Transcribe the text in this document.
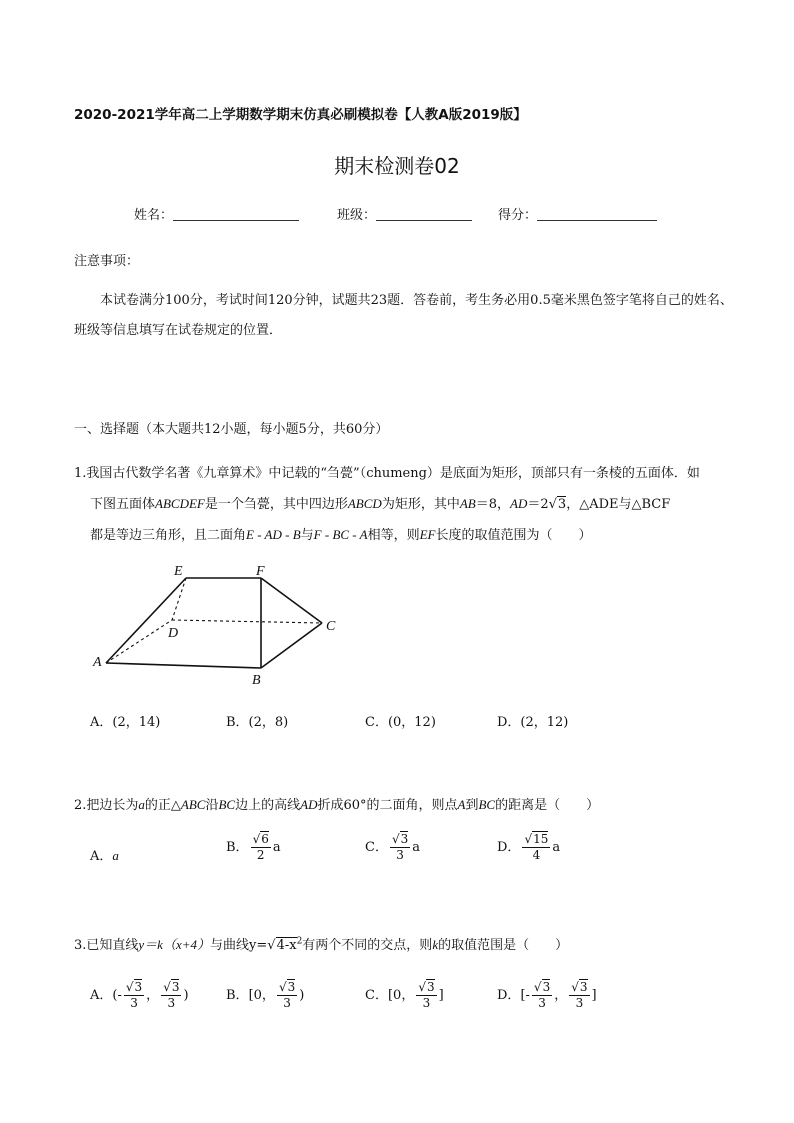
2020-2021学年高二上学期数学期末仿真必刷模拟卷【人教A版2019版】
期末检测卷02
姓名：	班级：	得分：
注意事项：
本试卷满分100分，考试时间120分钟，试题共23题．答卷前，考生务必用0.5毫米黑色签字笔将自己的姓名、班级等信息填写在试卷规定的位置．
一、选择题（本大题共12小题，每小题5分，共60分）
1.我国古代数学名著《九章算术》中记载的“刍甍”（chumeng）是底面为矩形，顶部只有一条棱的五面体．如
下图五面体ABCDEF是一个刍甍，其中四边形ABCD为矩形，其中AB＝8，AD＝2√3，△ADE与△BCF
都是等边三角形，且二面角E - AD - B与F - BC - A相等，则EF长度的取值范围为（　　）
E	F
D	C
A
B
A．(2，14)	B．(2，8)	C．(0，12)	D．(2，12)
2.把边长为a的正△ABC沿BC边上的高线AD折成60°的二面角，则点A到BC的距离是（　　）
A．a
B． $\frac{√6}{2}$ a	C． $\frac{√3}{3}$ a	D． $\frac{√15}{4}$ a
3.已知直线y＝k（x+4）与曲线$y=√4-x^2$有两个不同的交点，则k的取值范围是（　　）
A．(- $\frac{√3}{3}$ ， $\frac{√3}{3}$ )	B．[0， $\frac{√3}{3}$ )	C．[0， $\frac{√3}{3}$ ]	D．[- $\frac{√3}{3}$ ， $\frac{√3}{3}$ ]
